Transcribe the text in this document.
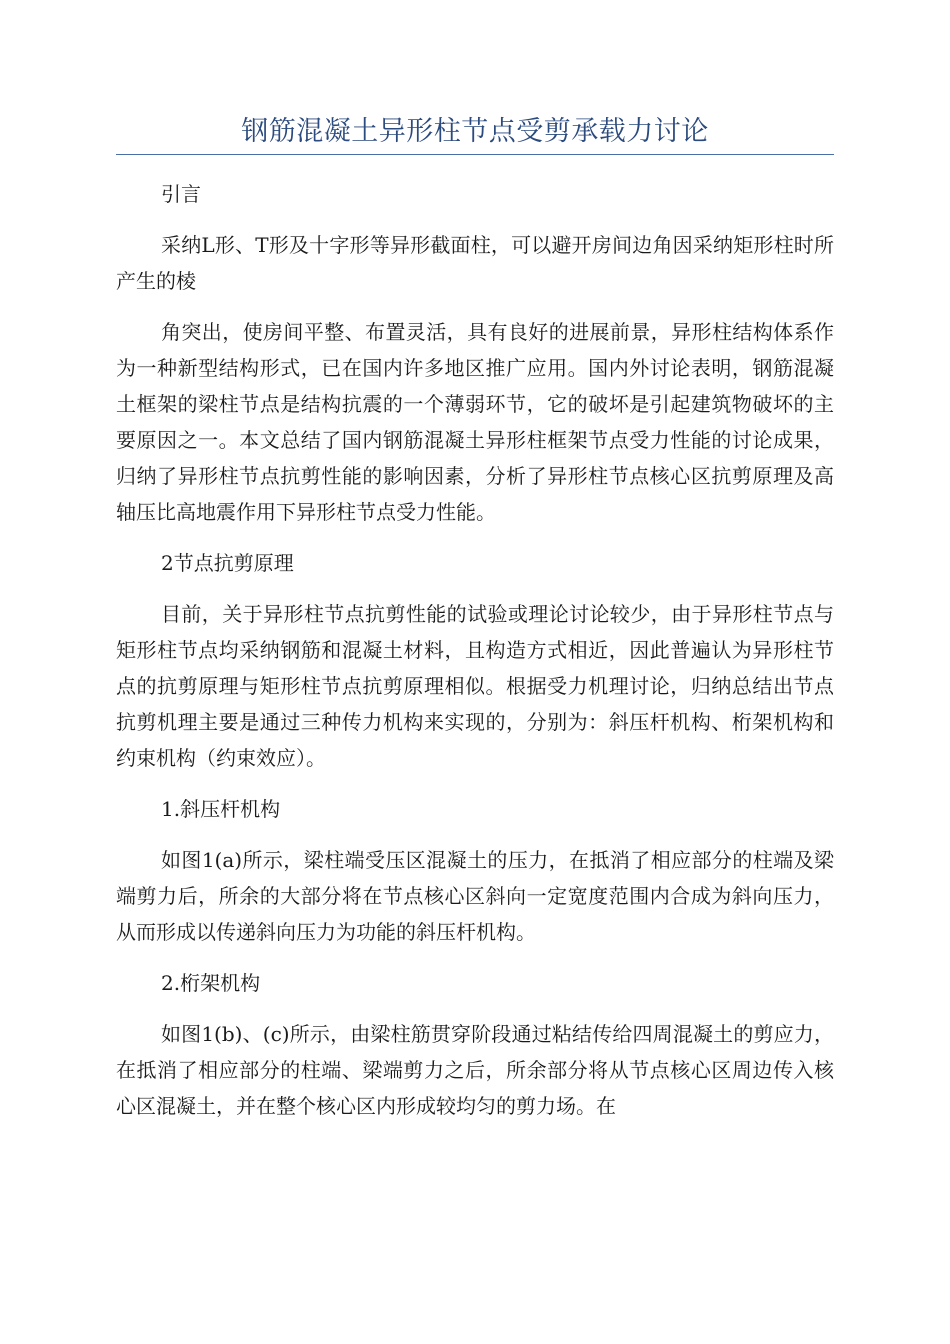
钢筋混凝土异形柱节点受剪承载力讨论

引言

采纳L形、T形及十字形等异形截面柱，可以避开房间边角因采纳矩形柱时所产生的棱

角突出，使房间平整、布置灵活，具有良好的进展前景，异形柱结构体系作为一种新型结构形式，已在国内许多地区推广应用。国内外讨论表明，钢筋混凝土框架的梁柱节点是结构抗震的一个薄弱环节，它的破坏是引起建筑物破坏的主要原因之一。本文总结了国内钢筋混凝土异形柱框架节点受力性能的讨论成果，归纳了异形柱节点抗剪性能的影响因素，分析了异形柱节点核心区抗剪原理及高轴压比高地震作用下异形柱节点受力性能。

2节点抗剪原理

目前，关于异形柱节点抗剪性能的试验或理论讨论较少，由于异形柱节点与矩形柱节点均采纳钢筋和混凝土材料，且构造方式相近，因此普遍认为异形柱节点的抗剪原理与矩形柱节点抗剪原理相似。根据受力机理讨论，归纳总结出节点抗剪机理主要是通过三种传力机构来实现的，分别为：斜压杆机构、桁架机构和约束机构（约束效应）。

1.斜压杆机构

如图1(a)所示，梁柱端受压区混凝土的压力，在抵消了相应部分的柱端及梁端剪力后，所余的大部分将在节点核心区斜向一定宽度范围内合成为斜向压力，从而形成以传递斜向压力为功能的斜压杆机构。

2.桁架机构

如图1(b)、(c)所示，由梁柱筋贯穿阶段通过粘结传给四周混凝土的剪应力，在抵消了相应部分的柱端、梁端剪力之后，所余部分将从节点核心区周边传入核心区混凝土，并在整个核心区内形成较均匀的剪力场。在
